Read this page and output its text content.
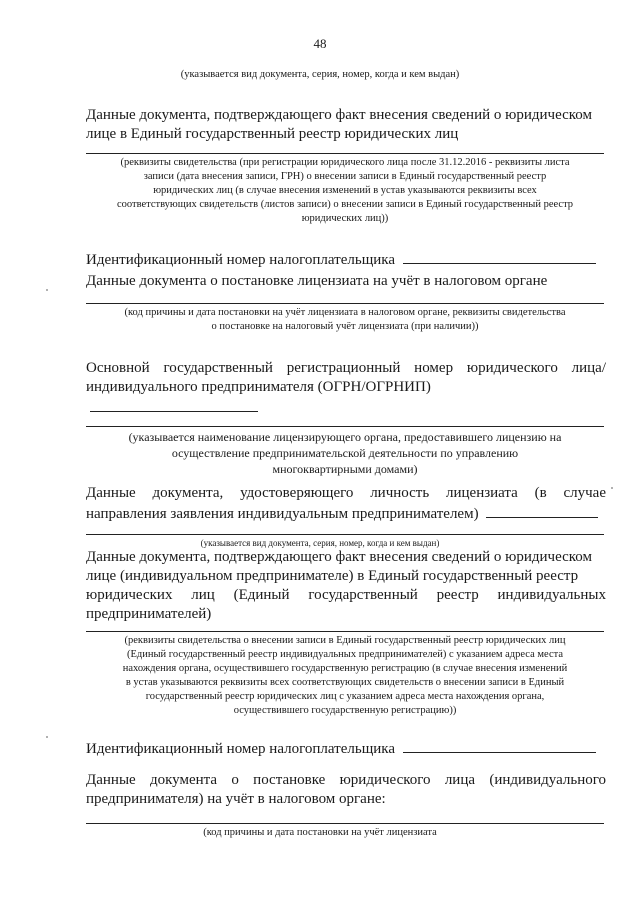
48
(указывается вид документа, серия, номер, когда и кем выдан)
Данные документа, подтверждающего факт внесения сведений о юридическом
лице в Единый государственный реестр юридических лиц
(реквизиты свидетельства (при регистрации юридического лица после 31.12.2016 - реквизиты листа
записи (дата внесения записи, ГРН) о внесении записи в Единый государственный реестр
юридических лиц (в случае внесения изменений в устав указываются реквизиты всех
соответствующих свидетельств (листов записи) о внесении записи в Единый государственный реестр
юридических лиц))
Идентификационный номер налогоплательщика
Данные документа о постановке лицензиата на учёт в налоговом органе
(код причины и дата постановки на учёт лицензиата в налоговом органе, реквизиты свидетельства
о постановке на налоговый учёт лицензиата (при наличии))
Основной государственный регистрационный номер юридического лица/
индивидуального предпринимателя (ОГРН/ОГРНИП)
(указывается наименование лицензирующего органа, предоставившего лицензию на
осуществление предпринимательской деятельности по управлению
многоквартирными домами)
Данные документа, удостоверяющего личность лицензиата (в случае
направления заявления индивидуальным предпринимателем)
(указывается вид документа, серия, номер, когда и кем выдан)
Данные документа, подтверждающего факт внесения сведений о юридическом
лице (индивидуальном предпринимателе) в Единый государственный реестр
юридических лиц (Единый государственный реестр индивидуальных
предпринимателей)
(реквизиты свидетельства о внесении записи в Единый государственный реестр юридических лиц
(Единый государственный реестр индивидуальных предпринимателей) с указанием адреса места
нахождения органа, осуществившего государственную регистрацию (в случае внесения изменений
в устав указываются реквизиты всех соответствующих свидетельств о внесении записи в Единый
государственный реестр юридических лиц с указанием адреса места нахождения органа,
осуществившего государственную регистрацию))
Идентификационный номер налогоплательщика
Данные документа о постановке юридического лица (индивидуального
предпринимателя) на учёт в налоговом органе:
(код причины и дата постановки на учёт лицензиата
